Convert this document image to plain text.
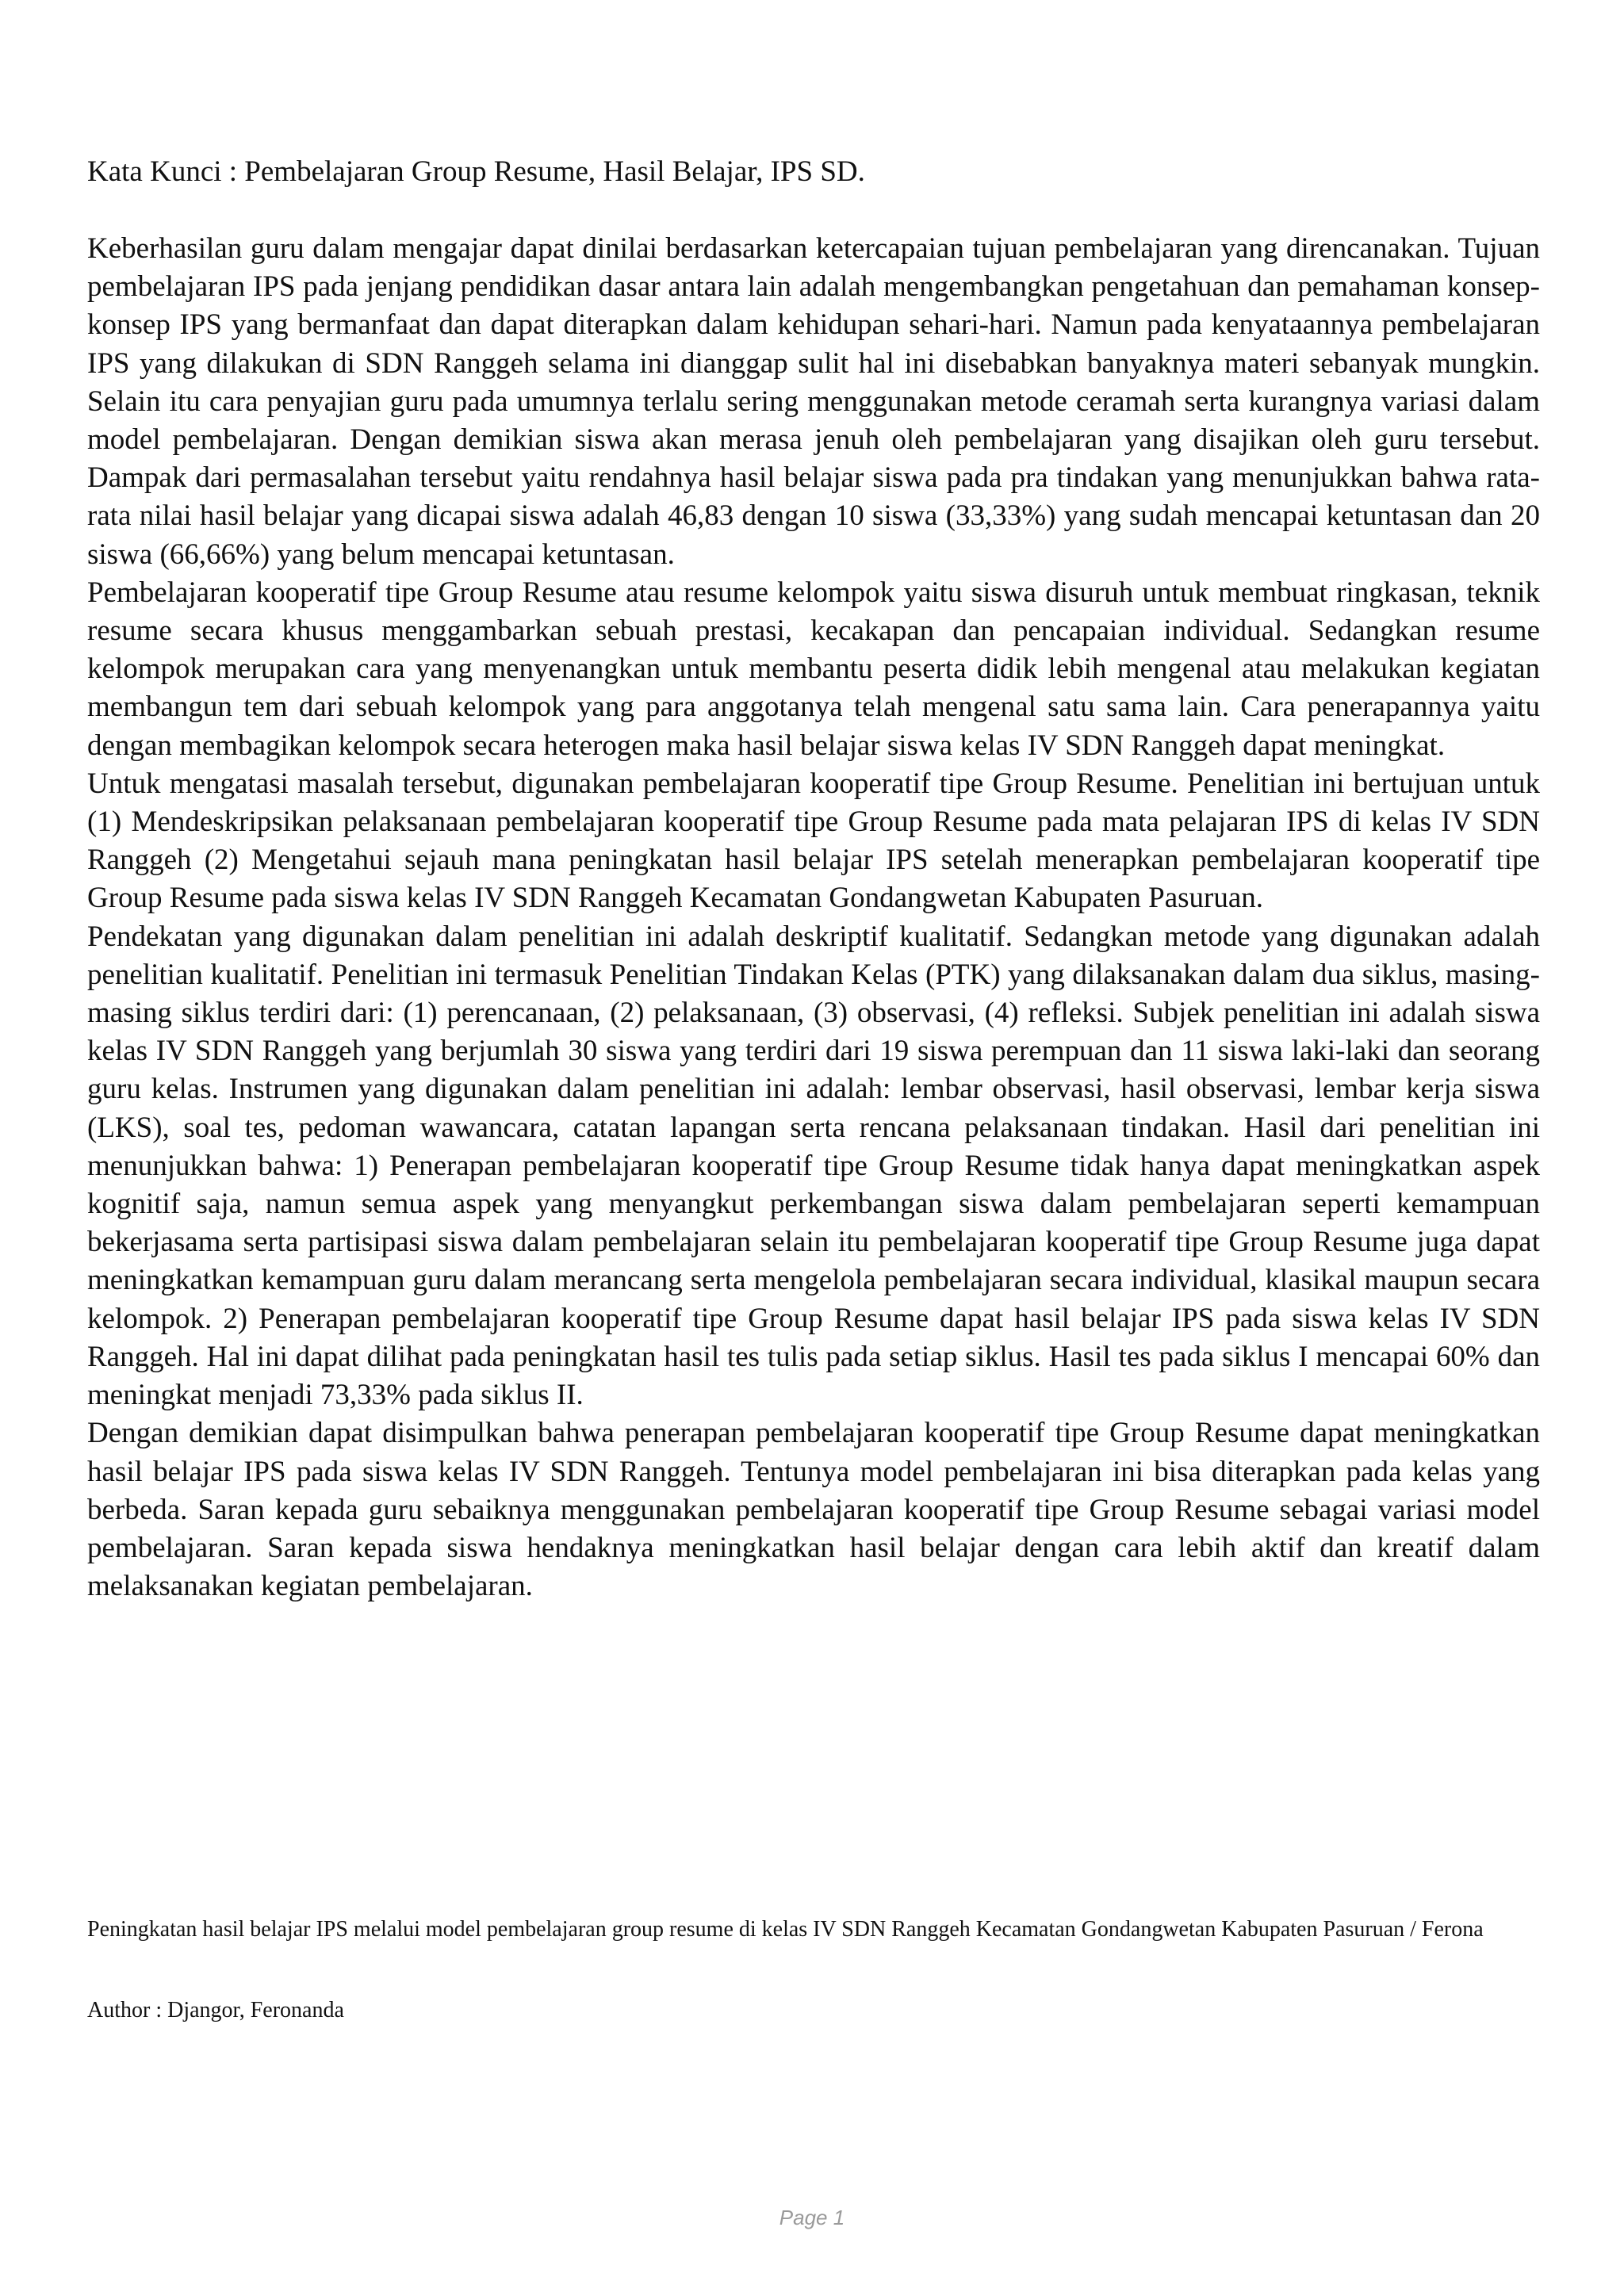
Kata Kunci : Pembelajaran Group Resume, Hasil Belajar, IPS SD.

Keberhasilan guru dalam mengajar dapat dinilai berdasarkan ketercapaian tujuan pembelajaran yang direncanakan. Tujuan pembelajaran IPS pada jenjang pendidikan dasar antara lain adalah mengembangkan pengetahuan dan pemahaman konsep-konsep IPS yang bermanfaat dan dapat diterapkan dalam kehidupan sehari-hari. Namun pada kenyataannya pembelajaran IPS yang dilakukan di SDN Ranggeh selama ini dianggap sulit hal ini disebabkan banyaknya materi sebanyak mungkin. Selain itu cara penyajian guru pada umumnya terlalu sering menggunakan metode ceramah serta kurangnya variasi dalam model pembelajaran. Dengan demikian siswa akan merasa jenuh oleh pembelajaran yang disajikan oleh guru tersebut. Dampak dari permasalahan tersebut yaitu rendahnya hasil belajar siswa pada pra tindakan yang menunjukkan bahwa rata-rata nilai hasil belajar yang dicapai siswa adalah 46,83 dengan 10 siswa (33,33%) yang sudah mencapai ketuntasan dan 20 siswa (66,66%) yang belum mencapai ketuntasan.

Pembelajaran kooperatif tipe Group Resume atau resume kelompok yaitu siswa disuruh untuk membuat ringkasan, teknik resume secara khusus menggambarkan sebuah prestasi, kecakapan dan pencapaian individual. Sedangkan resume kelompok merupakan cara yang menyenangkan untuk membantu peserta didik lebih mengenal atau melakukan kegiatan membangun tem dari sebuah kelompok yang para anggotanya telah mengenal satu sama lain. Cara penerapannya yaitu dengan membagikan kelompok secara heterogen maka hasil belajar siswa kelas IV SDN Ranggeh dapat meningkat.

Untuk mengatasi masalah tersebut, digunakan pembelajaran kooperatif tipe Group Resume. Penelitian ini bertujuan untuk (1) Mendeskripsikan pelaksanaan pembelajaran kooperatif tipe Group Resume pada mata pelajaran IPS di kelas IV SDN Ranggeh (2) Mengetahui sejauh mana peningkatan hasil belajar IPS setelah menerapkan pembelajaran kooperatif tipe Group Resume pada siswa kelas IV SDN Ranggeh Kecamatan Gondangwetan Kabupaten Pasuruan.

Pendekatan yang digunakan dalam penelitian ini adalah deskriptif kualitatif. Sedangkan metode yang digunakan adalah penelitian kualitatif. Penelitian ini termasuk Penelitian Tindakan Kelas (PTK) yang dilaksanakan dalam dua siklus, masing-masing siklus terdiri dari: (1) perencanaan, (2) pelaksanaan, (3) observasi, (4) refleksi. Subjek penelitian ini adalah siswa kelas IV SDN Ranggeh yang berjumlah 30 siswa yang terdiri dari 19 siswa perempuan dan 11 siswa laki-laki dan seorang guru kelas. Instrumen yang digunakan dalam penelitian ini adalah: lembar observasi, hasil observasi, lembar kerja siswa (LKS), soal tes, pedoman wawancara, catatan lapangan serta rencana pelaksanaan tindakan. Hasil dari penelitian ini menunjukkan bahwa: 1) Penerapan pembelajaran kooperatif tipe Group Resume tidak hanya dapat meningkatkan aspek kognitif saja, namun semua aspek yang menyangkut perkembangan siswa dalam pembelajaran seperti kemampuan bekerjasama serta partisipasi siswa dalam pembelajaran selain itu pembelajaran kooperatif tipe Group Resume juga dapat meningkatkan kemampuan guru dalam merancang serta mengelola pembelajaran secara individual, klasikal maupun secara kelompok. 2) Penerapan pembelajaran kooperatif tipe Group Resume dapat hasil belajar IPS pada siswa kelas IV SDN Ranggeh. Hal ini dapat dilihat pada peningkatan hasil tes tulis pada setiap siklus. Hasil tes pada siklus I mencapai 60% dan meningkat menjadi 73,33% pada siklus II.

Dengan demikian dapat disimpulkan bahwa penerapan pembelajaran kooperatif tipe Group Resume dapat meningkatkan hasil belajar IPS pada siswa kelas IV SDN Ranggeh. Tentunya model pembelajaran ini bisa diterapkan pada kelas yang berbeda. Saran kepada guru sebaiknya menggunakan pembelajaran kooperatif tipe Group Resume sebagai variasi model pembelajaran. Saran kepada siswa hendaknya meningkatkan hasil belajar dengan cara lebih aktif dan kreatif dalam melaksanakan kegiatan pembelajaran.

Peningkatan hasil belajar IPS melalui model pembelajaran group resume di kelas IV SDN Ranggeh Kecamatan Gondangwetan Kabupaten Pasuruan / Ferona

Author : Djangor, Feronanda

Page 1
